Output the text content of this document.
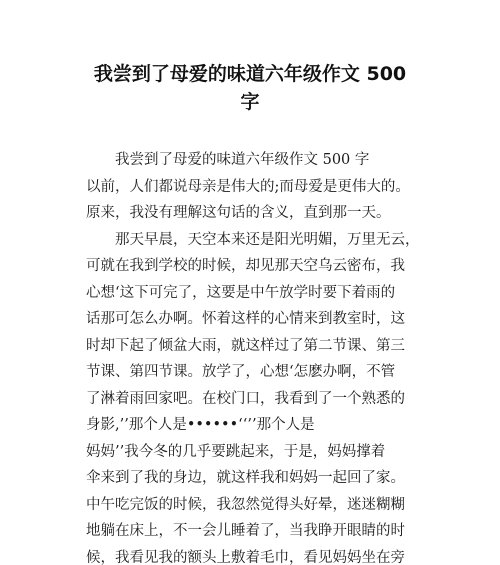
我尝到了母爱的味道六年级作文 500
字
我尝到了母爱的味道六年级作文 500 字
以前，人们都说母亲是伟大的;而母爱是更伟大的。
原来，我没有理解这句话的含义，直到那一天。
那天早晨，天空本来还是阳光明媚，万里无云，
可就在我到学校的时候，却见那天空乌云密布，我
心想‘这下可完了，这要是中午放学时要下着雨的
话那可怎么办啊。怀着这样的心情来到教室时，这
时却下起了倾盆大雨，就这样过了第二节课、第三
节课、第四节课。放学了，心想‘怎麽办啊，不管
了淋着雨回家吧。在校门口，我看到了一个熟悉的
身影,’’那个人是••••••‘‘’’那个人是
妈妈’’我今冬的几乎要跳起来，于是，妈妈撑着
伞来到了我的身边，就这样我和妈妈一起回了家。
中午吃完饭的时候，我忽然觉得头好晕，迷迷糊糊
地躺在床上，不一会儿睡着了，当我睁开眼睛的时
候，我看见我的额头上敷着毛巾，看见妈妈坐在旁
